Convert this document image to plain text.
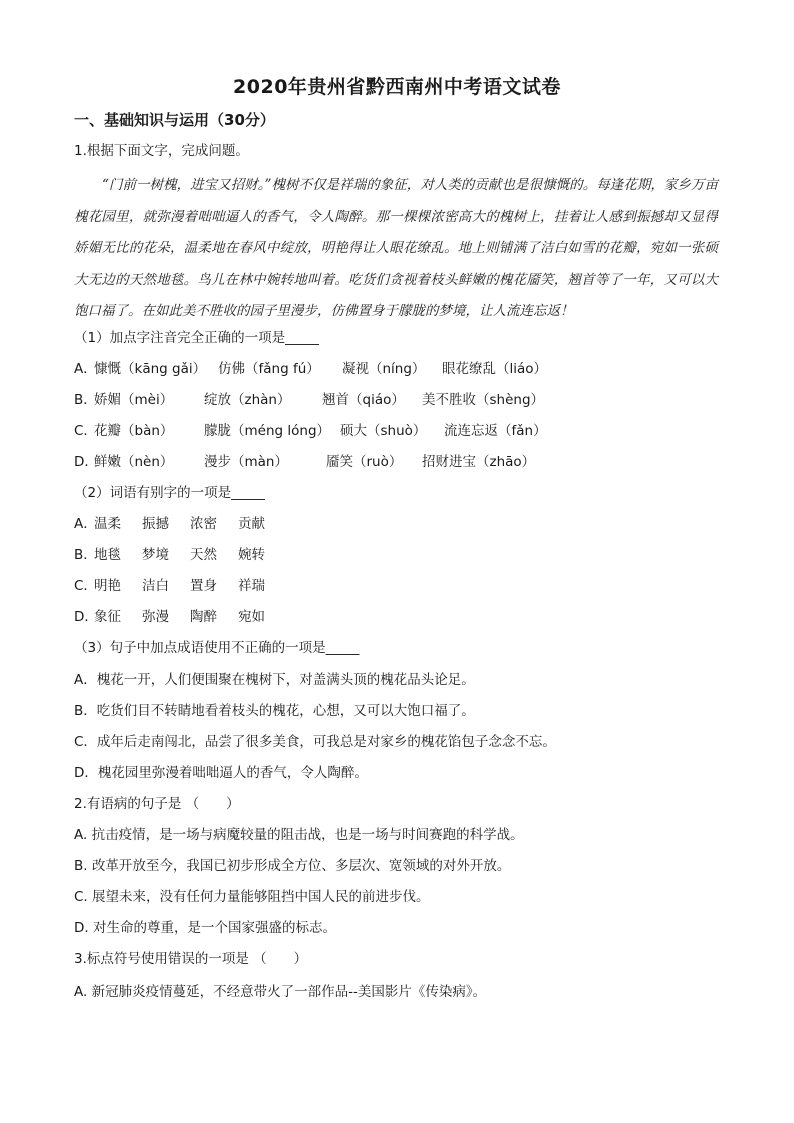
2020年贵州省黔西南州中考语文试卷
一、基础知识与运用（30分）

1.根据下面文字，完成问题。

“门前一树槐，进宝又招财。”槐树不仅是祥瑞的象征，对人类的贡献也是很慷慨的。每逢花期，家乡万亩槐花园里，就弥漫着咄咄逼人的香气，令人陶醉。那一棵棵浓密高大的槐树上，挂着让人感到振撼却又显得娇媚无比的花朵，温柔地在春风中绽放，明艳得让人眼花缭乱。地上则铺满了洁白如雪的花瓣，宛如一张硕大无边的天然地毯。鸟儿在林中婉转地叫着。吃货们贪视着枝头鲜嫩的槐花靥笑，翘首等了一年，又可以大饱口福了。在如此美不胜收的园子里漫步，仿佛置身于朦胧的梦境，让人流连忘返！

（1）加点字注音完全正确的一项是_____

A．
慷慨（kāng gǎi） 仿佛（fǎng fú） 凝视（níng） 眼花缭乱（liáo）
B．
娇媚（mèi） 绽放（zhàn） 翘首（qiáo） 美不胜收（shèng）
C．
花瓣（bàn） 朦胧（méng lóng） 硕大（shuò） 流连忘返（fǎn）
D．
鲜嫩（nèn） 漫步（màn）	靥笑（ruò） 招财进宝（zhāo）

（2）词语有别字的一项是_____

A．
温柔 振撼 浓密 贡献
B．
地毯 梦境 天然 婉转
C．
明艳 洁白 置身 祥瑞
D．
象征 弥漫 陶醉 宛如

（3）句子中加点成语使用不正确的一项是_____

A．槐花一开，人们便围聚在槐树下，对盖满头顶的槐花品头论足。

B．吃货们目不转睛地看着枝头的槐花，心想，又可以大饱口福了。

C．成年后走南闯北，品尝了很多美食，可我总是对家乡的槐花馅包子念念不忘。

D．槐花园里弥漫着咄咄逼人的香气，令人陶醉。

2.有语病的句子是 （　　）

A. 抗击疫情，是一场与病魔较量的阻击战，也是一场与时间赛跑的科学战。

B. 改革开放至今，我国已初步形成全方位、多层次、宽领域的对外开放。

C. 展望未来，没有任何力量能够阻挡中国人民的前进步伐。

D. 对生命的尊重，是一个国家强盛的标志。

3.标点符号使用错误的一项是 （　　）

A. 新冠肺炎疫情蔓延，不经意带火了一部作品--美国影片《传染病》。
